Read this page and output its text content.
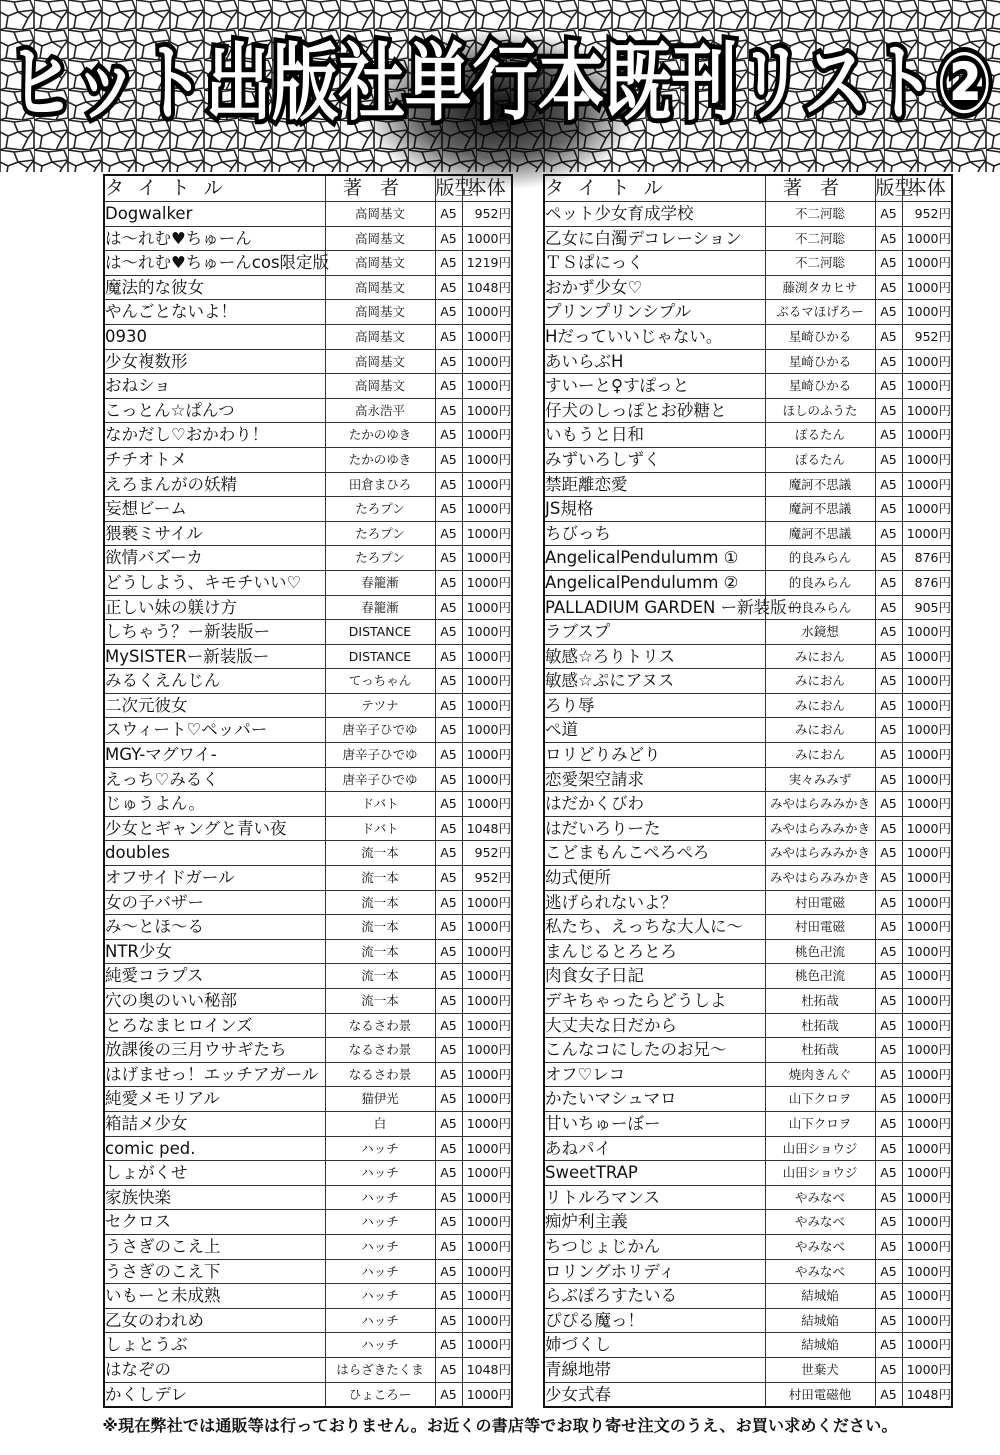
ヒット出版社単行本既刊リスト②
タイトル	著者	版型	本体
Dogwalker	高岡基文	A5	952円
は〜れむ♥ちゅーん	高岡基文	A5	1000円
は〜れむ♥ちゅーんcos限定版	高岡基文	A5	1219円
魔法的な彼女	高岡基文	A5	1048円
やんごとないよ！	高岡基文	A5	1000円
0930	高岡基文	A5	1000円
少女複数形	高岡基文	A5	1000円
おねショ	高岡基文	A5	1000円
こっとん☆ぱんつ	高永浩平	A5	1000円
なかだし♡おかわり！	たかのゆき	A5	1000円
チチオトメ	たかのゆき	A5	1000円
えろまんがの妖精	田倉まひろ	A5	1000円
妄想ビーム	たろプン	A5	1000円
猥褻ミサイル	たろプン	A5	1000円
欲情バズーカ	たろプン	A5	1000円
どうしよう、キモチいい♡	春籠漸	A5	1000円
正しい妹の躾け方	春籠漸	A5	1000円
しちゃう？ー新装版ー	DISTANCE	A5	1000円
MySISTERー新装版ー	DISTANCE	A5	1000円
みるくえんじん	てっちゃん	A5	1000円
二次元彼女	テツナ	A5	1000円
スウィート♡ペッパー	唐辛子ひでゆ	A5	1000円
MGY-マグワイ-	唐辛子ひでゆ	A5	1000円
えっち♡みるく	唐辛子ひでゆ	A5	1000円
じゅうよん。	ドバト	A5	1000円
少女とギャングと青い夜	ドバト	A5	1048円
doubles	流一本	A5	952円
オフサイドガール	流一本	A5	952円
女の子バザー	流一本	A5	1000円
み〜とほ〜る	流一本	A5	1000円
NTR少女	流一本	A5	1000円
純愛コラプス	流一本	A5	1000円
穴の奥のいい秘部	流一本	A5	1000円
とろなまヒロインズ	なるさわ景	A5	1000円
放課後の三月ウサギたち	なるさわ景	A5	1000円
はげませっ！エッチアガール	なるさわ景	A5	1000円
純愛メモリアル	猫伊光	A5	1000円
箱詰メ少女	白	A5	1000円
comic ped.	ハッチ	A5	1000円
しょがくせ	ハッチ	A5	1000円
家族快楽	ハッチ	A5	1000円
セクロス	ハッチ	A5	1000円
うさぎのこえ上	ハッチ	A5	1000円
うさぎのこえ下	ハッチ	A5	1000円
いもーと未成熟	ハッチ	A5	1000円
乙女のわれめ	ハッチ	A5	1000円
しょとうぶ	ハッチ	A5	1000円
はなぞの	はらざきたくま	A5	1048円
かくしデレ	ひょころー	A5	1000円
タイトル	著者	版型	本体
ペット少女育成学校	不二河聡	A5	952円
乙女に白濁デコレーション	不二河聡	A5	1000円
ＴＳぱにっく	不二河聡	A5	1000円
おかず少女♡	藤渕タカヒサ	A5	1000円
プリンプリンシプル	ぶるマほげろー	A5	1000円
Hだっていいじゃない。	星崎ひかる	A5	952円
あいらぶH	星崎ひかる	A5	1000円
すいーと♀すぽっと	星崎ひかる	A5	1000円
仔犬のしっぽとお砂糖と	ほしのふうた	A5	1000円
いもうと日和	ぽるたん	A5	1000円
みずいろしずく	ぽるたん	A5	1000円
禁距離恋愛	魔訶不思議	A5	1000円
JS規格	魔訶不思議	A5	1000円
ちびっち	魔訶不思議	A5	1000円
AngelicalPendulumm ①	的良みらん	A5	876円
AngelicalPendulumm ②	的良みらん	A5	876円
PALLADIUM GARDEN ー新装版ー	的良みらん	A5	905円
ラブスプ	水鏡想	A5	1000円
敏感☆ろりトリス	みにおん	A5	1000円
敏感☆ぷにアヌス	みにおん	A5	1000円
ろり辱	みにおん	A5	1000円
ぺ道	みにおん	A5	1000円
ロリどりみどり	みにおん	A5	1000円
恋愛架空請求	実々みみず	A5	1000円
はだかくびわ	みやはらみみかき	A5	1000円
はだいろりーた	みやはらみみかき	A5	1000円
こどまもんこぺろぺろ	みやはらみみかき	A5	1000円
幼式便所	みやはらみみかき	A5	1000円
逃げられないよ？	村田電磁	A5	1000円
私たち、えっちな大人に〜	村田電磁	A5	1000円
まんじるとろとろ	桃色卍流	A5	1000円
肉食女子日記	桃色卍流	A5	1000円
デキちゃったらどうしよ	杜拓哉	A5	1000円
大丈夫な日だから	杜拓哉	A5	1000円
こんなコにしたのお兄〜	杜拓哉	A5	1000円
オフ♡レコ	焼肉きんぐ	A5	1000円
かたいマシュマロ	山下クロヲ	A5	1000円
甘いちゅーぼー	山下クロヲ	A5	1000円
あねパイ	山田ショウジ	A5	1000円
SweetTRAP	山田ショウジ	A5	1000円
リトルろマンス	やみなべ	A5	1000円
痴炉利主義	やみなべ	A5	1000円
ちつじょじかん	やみなべ	A5	1000円
ロリングホリディ	やみなべ	A5	1000円
らぶぽろすたいる	結城焔	A5	1000円
ぴぴる魔っ！	結城焔	A5	1000円
姉づくし	結城焔	A5	1000円
青線地帯	世棄犬	A5	1000円
少女式春	村田電磁他	A5	1048円
※現在弊社では通販等は行っておりません。お近くの書店等でお取り寄せ注文のうえ、お買い求めください。
